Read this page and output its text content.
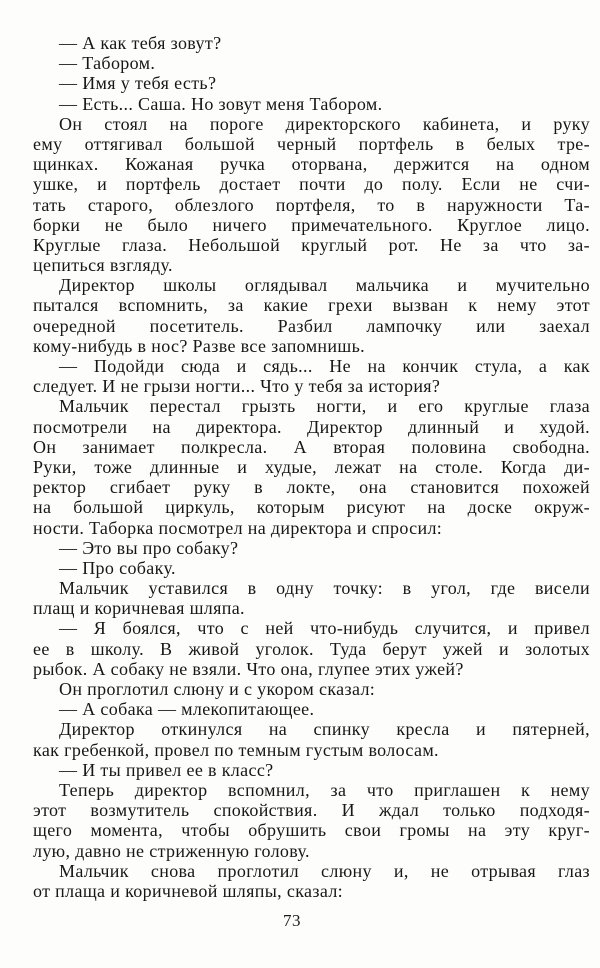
— А как тебя зовут?
— Табором.
— Имя у тебя есть?
— Есть... Саша. Но зовут меня Табором.
Он стоял на пороге директорского кабинета, и руку
ему оттягивал большой черный портфель в белых тре-
щинках. Кожаная ручка оторвана, держится на одном
ушке, и портфель достает почти до полу. Если не счи-
тать старого, облезлого портфеля, то в наружности Та-
борки не было ничего примечательного. Круглое лицо.
Круглые глаза. Небольшой круглый рот. Не за что за-
цепиться взгляду.
Директор школы оглядывал мальчика и мучительно
пытался вспомнить, за какие грехи вызван к нему этот
очередной посетитель. Разбил лампочку или заехал
кому-нибудь в нос? Разве все запомнишь.
— Подойди сюда и сядь... Не на кончик стула, а как
следует. И не грызи ногти... Что у тебя за история?
Мальчик перестал грызть ногти, и его круглые глаза
посмотрели на директора. Директор длинный и худой.
Он занимает полкресла. А вторая половина свободна.
Руки, тоже длинные и худые, лежат на столе. Когда ди-
ректор сгибает руку в локте, она становится похожей
на большой циркуль, которым рисуют на доске окруж-
ности. Таборка посмотрел на директора и спросил:
— Это вы про собаку?
— Про собаку.
Мальчик уставился в одну точку: в угол, где висели
плащ и коричневая шляпа.
— Я боялся, что с ней что-нибудь случится, и привел
ее в школу. В живой уголок. Туда берут ужей и золотых
рыбок. А собаку не взяли. Что она, глупее этих ужей?
Он проглотил слюну и с укором сказал:
— А собака — млекопитающее.
Директор откинулся на спинку кресла и пятерней,
как гребенкой, провел по темным густым волосам.
— И ты привел ее в класс?
Теперь директор вспомнил, за что приглашен к нему
этот возмутитель спокойствия. И ждал только подходя-
щего момента, чтобы обрушить свои громы на эту круг-
лую, давно не стриженную голову.
Мальчик снова проглотил слюну и, не отрывая глаз
от плаща и коричневой шляпы, сказал:
73
